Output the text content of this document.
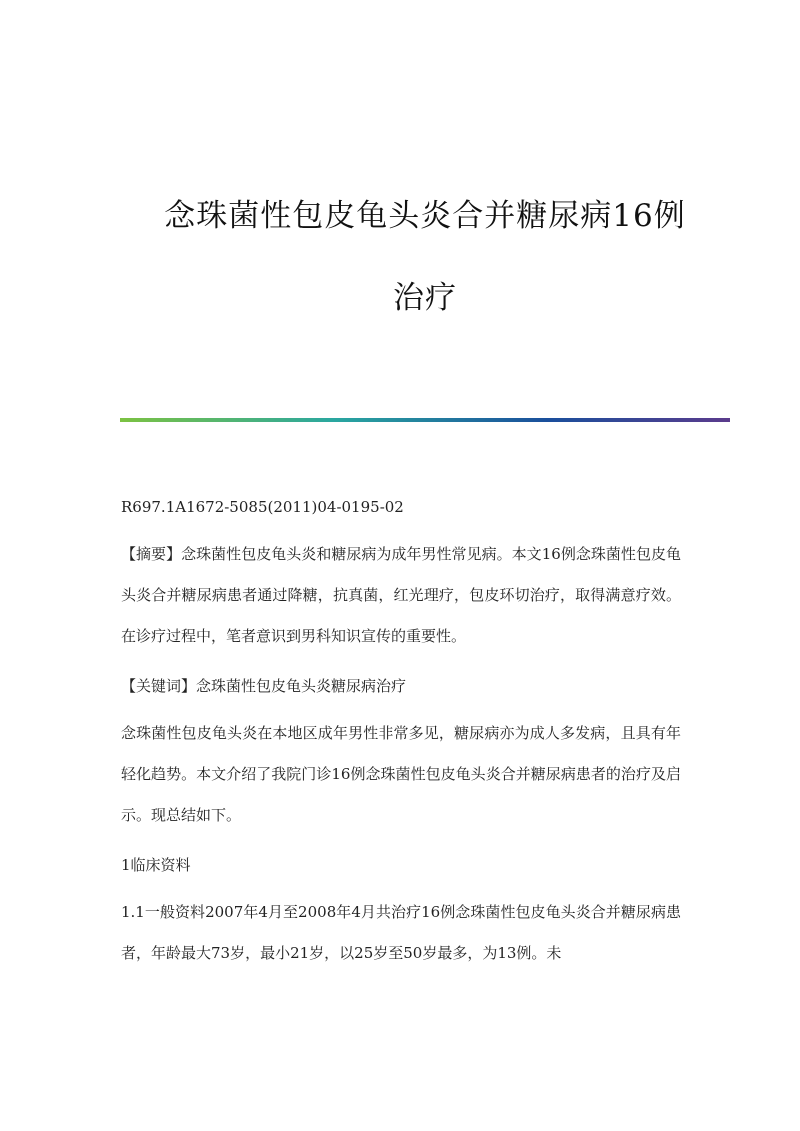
念珠菌性包皮龟头炎合并糖尿病16例
治疗
R697.1A1672-5085(2011)04-0195-02
【摘要】念珠菌性包皮龟头炎和糖尿病为成年男性常见病。本文16例念珠菌性包皮龟头炎合并糖尿病患者通过降糖，抗真菌，红光理疗，包皮环切治疗，取得满意疗效。在诊疗过程中，笔者意识到男科知识宣传的重要性。
【关键词】念珠菌性包皮龟头炎糖尿病治疗
念珠菌性包皮龟头炎在本地区成年男性非常多见，糖尿病亦为成人多发病，且具有年轻化趋势。本文介绍了我院门诊16例念珠菌性包皮龟头炎合并糖尿病患者的治疗及启示。现总结如下。
1临床资料
1.1一般资料2007年4月至2008年4月共治疗16例念珠菌性包皮龟头炎合并糖尿病患者，年龄最大73岁，最小21岁，以25岁至50岁最多，为13例。未
